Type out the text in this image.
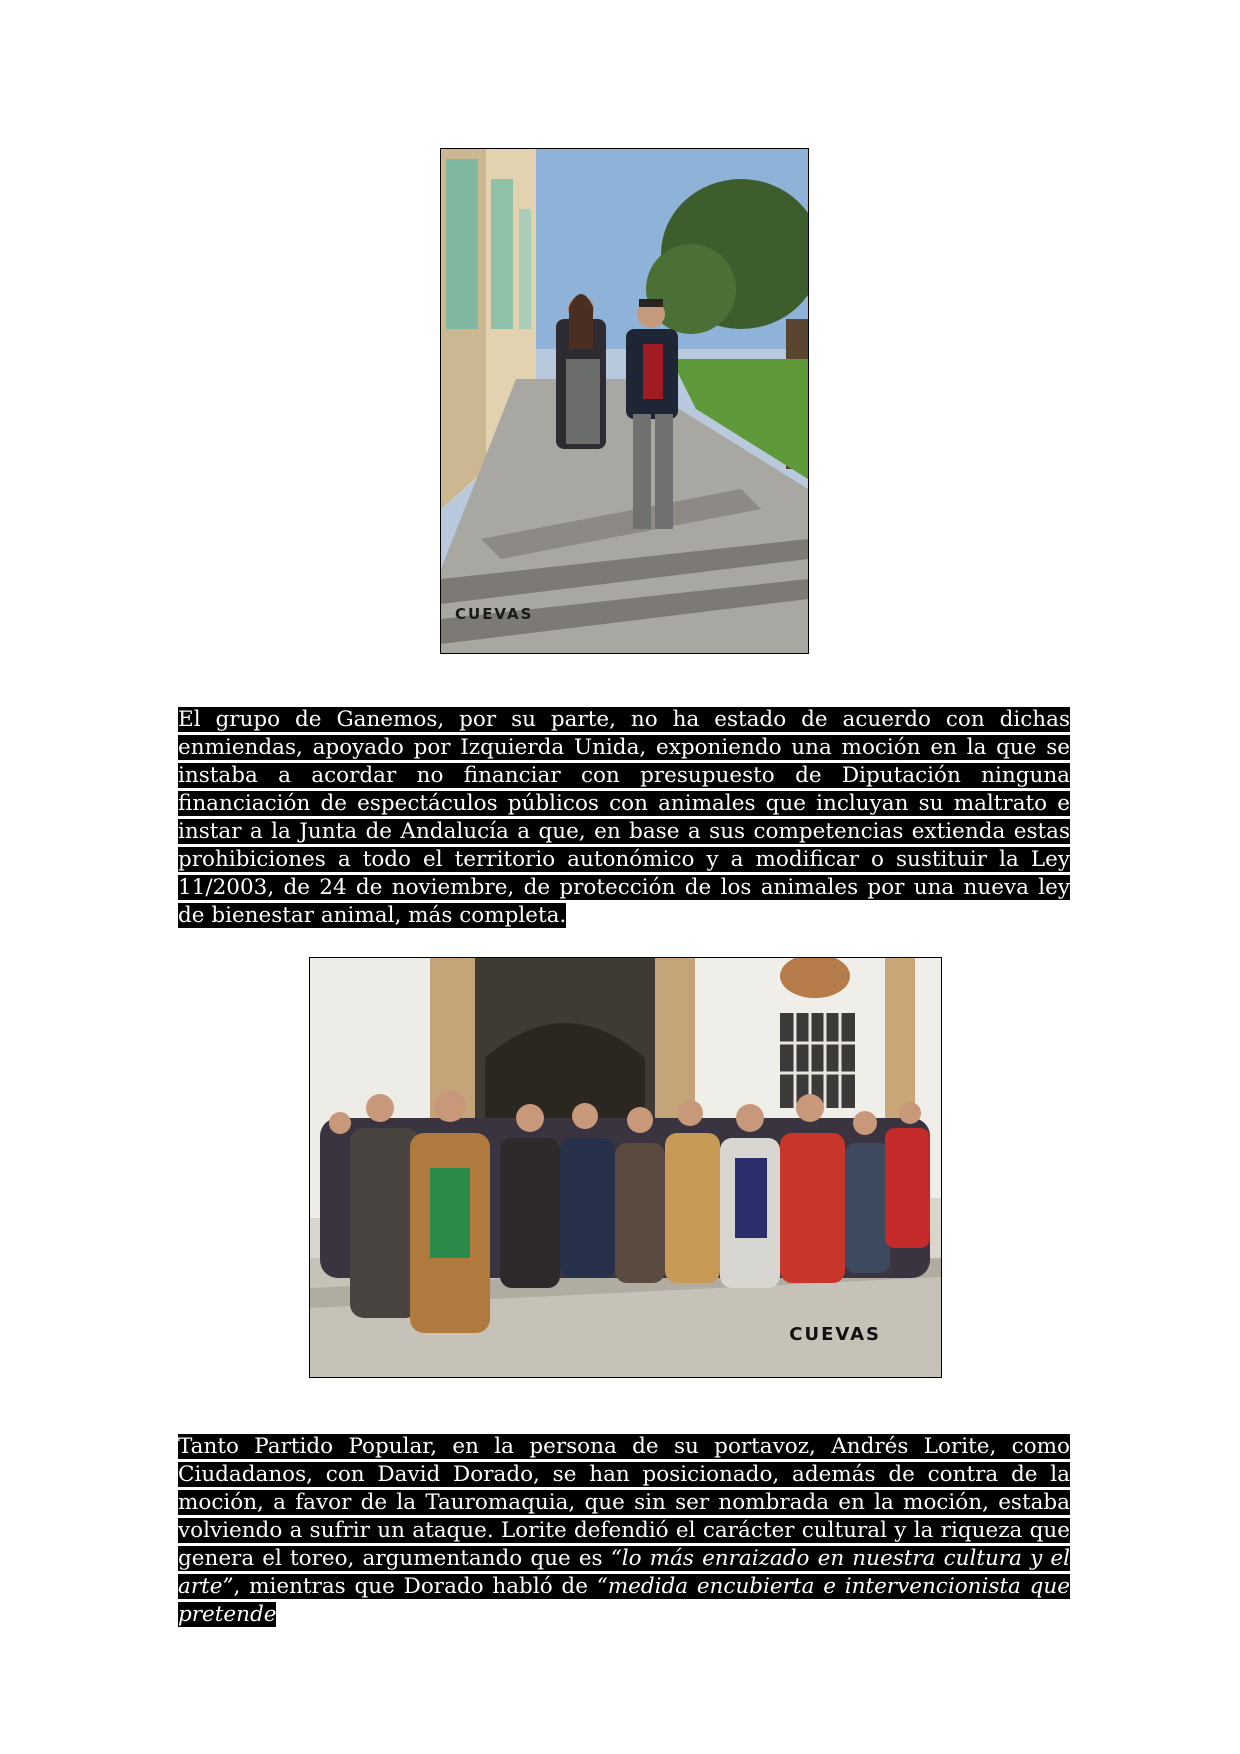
CUEVAS

El grupo de Ganemos, por su parte, no ha estado de acuerdo con dichas enmiendas, apoyado por Izquierda Unida, exponiendo una moción en la que se instaba a acordar no financiar con presupuesto de Diputación ninguna financiación de espectáculos públicos con animales que incluyan su maltrato e instar a la Junta de Andalucía a que, en base a sus competencias extienda estas prohibiciones a todo el territorio autonómico y a modificar o sustituir la Ley 11/2003, de 24 de noviembre, de protección de los animales por una nueva ley de bienestar animal, más completa.

CUEVAS

Tanto Partido Popular, en la persona de su portavoz, Andrés Lorite, como Ciudadanos, con David Dorado, se han posicionado, además de contra de la moción, a favor de la Tauromaquia, que sin ser nombrada en la moción, estaba volviendo a sufrir un ataque. Lorite defendió el carácter cultural y la riqueza que genera el toreo, argumentando que es “lo más enraizado en nuestra cultura y el arte”, mientras que Dorado habló de “medida encubierta e intervencionista que pretende
